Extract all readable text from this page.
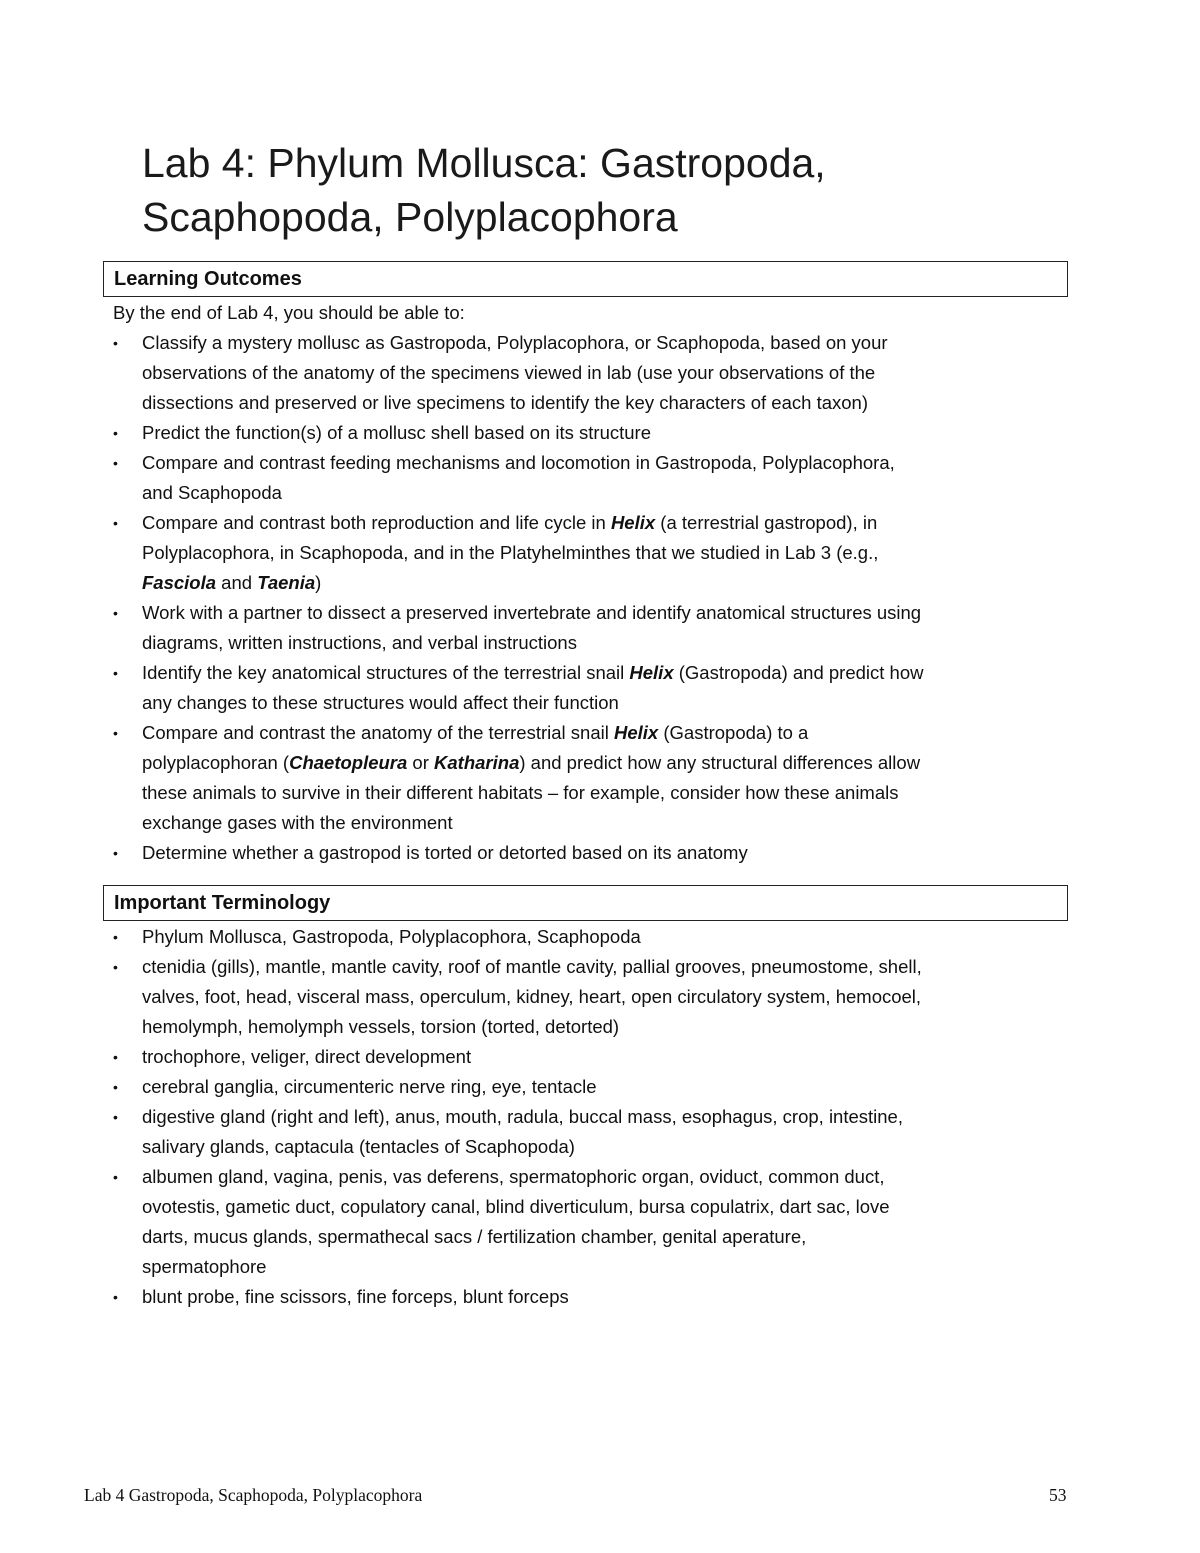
Lab 4: Phylum Mollusca: Gastropoda,
Scaphopoda, Polyplacophora
Learning Outcomes
By the end of Lab 4, you should be able to:
•	Classify a mystery mollusc as Gastropoda, Polyplacophora, or Scaphopoda, based on your
observations of the anatomy of the specimens viewed in lab (use your observations of the
dissections and preserved or live specimens to identify the key characters of each taxon)
•	Predict the function(s) of a mollusc shell based on its structure
•	Compare and contrast feeding mechanisms and locomotion in Gastropoda, Polyplacophora,
and Scaphopoda
•	Compare and contrast both reproduction and life cycle in Helix (a terrestrial gastropod), in
Polyplacophora, in Scaphopoda, and in the Platyhelminthes that we studied in Lab 3 (e.g.,
Fasciola and Taenia)
•	Work with a partner to dissect a preserved invertebrate and identify anatomical structures using
diagrams, written instructions, and verbal instructions
•	Identify the key anatomical structures of the terrestrial snail Helix (Gastropoda) and predict how
any changes to these structures would affect their function
•	Compare and contrast the anatomy of the terrestrial snail Helix (Gastropoda) to a
polyplacophoran (Chaetopleura or Katharina) and predict how any structural differences allow
these animals to survive in their different habitats – for example, consider how these animals
exchange gases with the environment
•	Determine whether a gastropod is torted or detorted based on its anatomy
Important Terminology
•	Phylum Mollusca, Gastropoda, Polyplacophora, Scaphopoda
•	ctenidia (gills), mantle, mantle cavity, roof of mantle cavity, pallial grooves, pneumostome, shell,
valves, foot, head, visceral mass, operculum, kidney, heart, open circulatory system, hemocoel,
hemolymph, hemolymph vessels, torsion (torted, detorted)
•	trochophore, veliger, direct development
•	cerebral ganglia, circumenteric nerve ring, eye, tentacle
•	digestive gland (right and left), anus, mouth, radula, buccal mass, esophagus, crop, intestine,
salivary glands, captacula (tentacles of Scaphopoda)
•	albumen gland, vagina, penis, vas deferens, spermatophoric organ, oviduct, common duct,
ovotestis, gametic duct, copulatory canal, blind diverticulum, bursa copulatrix, dart sac, love
darts, mucus glands, spermathecal sacs / fertilization chamber, genital aperature,
spermatophore
•	blunt probe, fine scissors, fine forceps, blunt forceps
Lab 4 Gastropoda, Scaphopoda, Polyplacophora	53
